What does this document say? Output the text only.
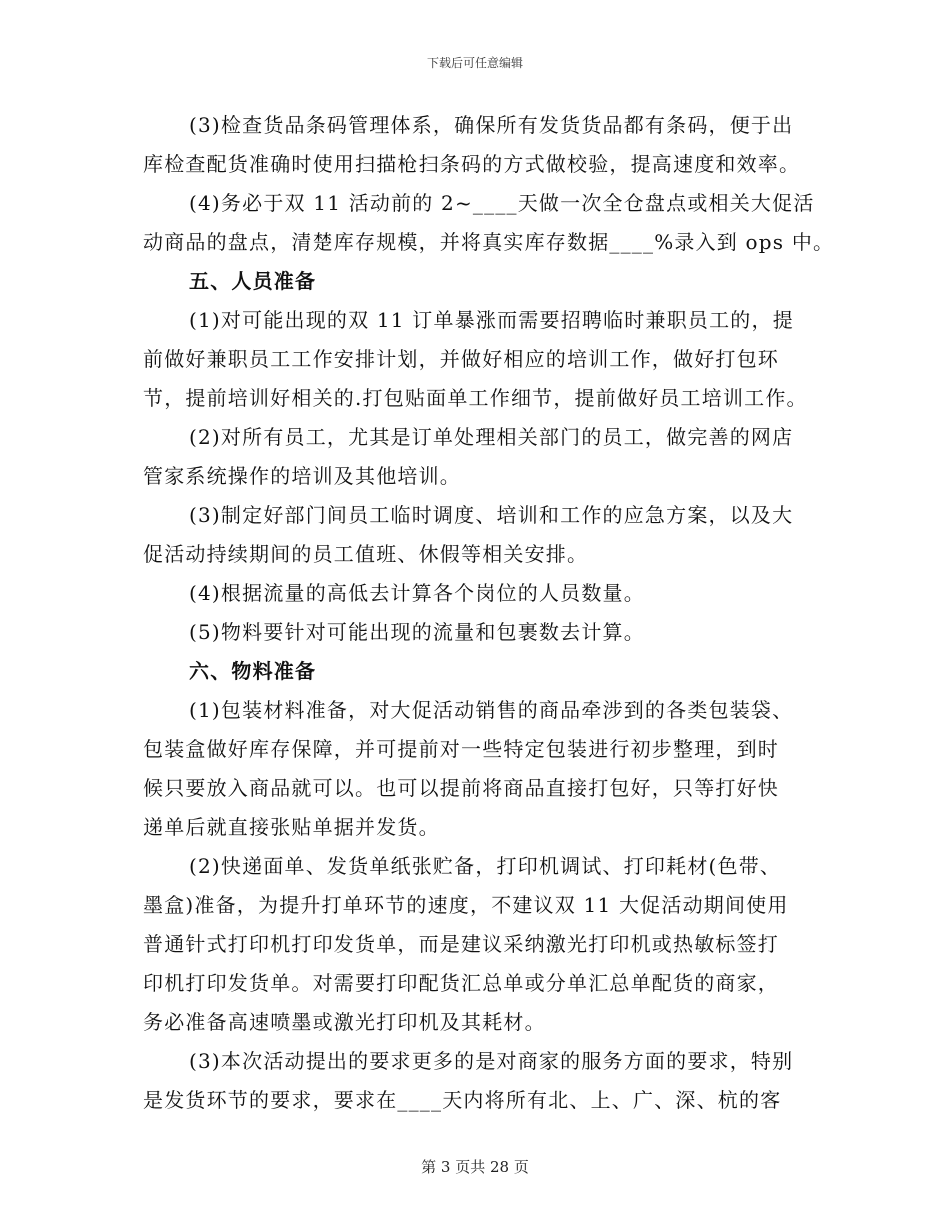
下载后可任意编辑
(3)检查货品条码管理体系，确保所有发货货品都有条码，便于出
库检查配货准确时使用扫描枪扫条码的方式做校验，提高速度和效率。
(4)务必于双 11 活动前的 2~____天做一次全仓盘点或相关大促活
动商品的盘点，清楚库存规模，并将真实库存数据____%录入到 ops 中。
五、人员准备
(1)对可能出现的双 11 订单暴涨而需要招聘临时兼职员工的，提
前做好兼职员工工作安排计划，并做好相应的培训工作，做好打包环
节，提前培训好相关的.打包贴面单工作细节，提前做好员工培训工作。
(2)对所有员工，尤其是订单处理相关部门的员工，做完善的网店
管家系统操作的培训及其他培训。
(3)制定好部门间员工临时调度、培训和工作的应急方案，以及大
促活动持续期间的员工值班、休假等相关安排。
(4)根据流量的高低去计算各个岗位的人员数量。
(5)物料要针对可能出现的流量和包裹数去计算。
六、物料准备
(1)包装材料准备，对大促活动销售的商品牵涉到的各类包装袋、
包装盒做好库存保障，并可提前对一些特定包装进行初步整理，到时
候只要放入商品就可以。也可以提前将商品直接打包好，只等打好快
递单后就直接张贴单据并发货。
(2)快递面单、发货单纸张贮备，打印机调试、打印耗材(色带、
墨盒)准备，为提升打单环节的速度，不建议双 11 大促活动期间使用
普通针式打印机打印发货单，而是建议采纳激光打印机或热敏标签打
印机打印发货单。对需要打印配货汇总单或分单汇总单配货的商家，
务必准备高速喷墨或激光打印机及其耗材。
(3)本次活动提出的要求更多的是对商家的服务方面的要求，特别
是发货环节的要求，要求在____天内将所有北、上、广、深、杭的客
第 3 页共 28 页
